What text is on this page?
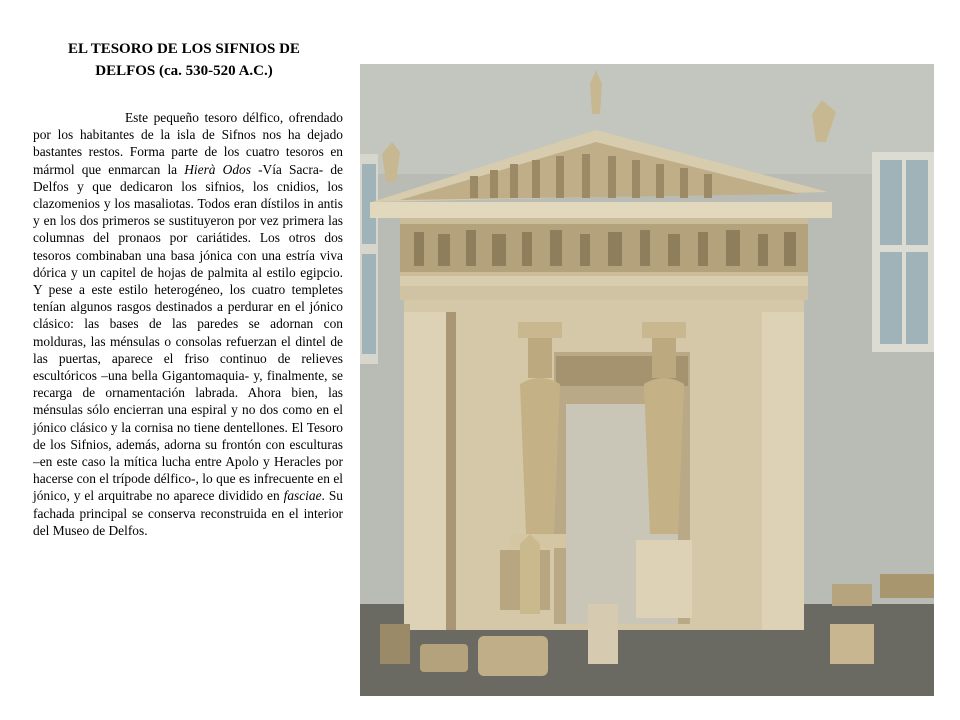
EL TESORO DE LOS SIFNIOS DE
DELFOS (ca. 530-520 A.C.)

Este pequeño tesoro délfico, ofrendado por los habitantes de la isla de Sifnos nos ha dejado bastantes restos. Forma parte de los cuatro tesoros en mármol que enmarcan la Hierà Odos -Vía Sacra- de Delfos y que dedicaron los sifnios, los cnidios, los clazomenios y los masaliotas. Todos eran dístilos in antis y en los dos primeros se sustituyeron por vez primera las columnas del pronaos por cariátides. Los otros dos tesoros combinaban una basa jónica con una estría viva dórica y un capitel de hojas de palmita al estilo egipcio. Y pese a este estilo heterogéneo, los cuatro templetes tenían algunos rasgos destinados a perdurar en el jónico clásico: las bases de las paredes se adornan con molduras, las ménsulas o consolas refuerzan el dintel de las puertas, aparece el friso continuo de relieves escultóricos –una bella Gigantomaquia- y, finalmente, se recarga de ornamentación labrada. Ahora bien, las ménsulas sólo encierran una espiral y no dos como en el jónico clásico y la cornisa no tiene dentellones. El Tesoro de los Sifnios, además, adorna su frontón con esculturas –en este caso la mítica lucha entre Apolo y Heracles por hacerse con el trípode délfico-, lo que es infrecuente en el jónico, y el arquitrabe no aparece dividido en fasciae. Su fachada principal se conserva reconstruida en el interior del Museo de Delfos.
